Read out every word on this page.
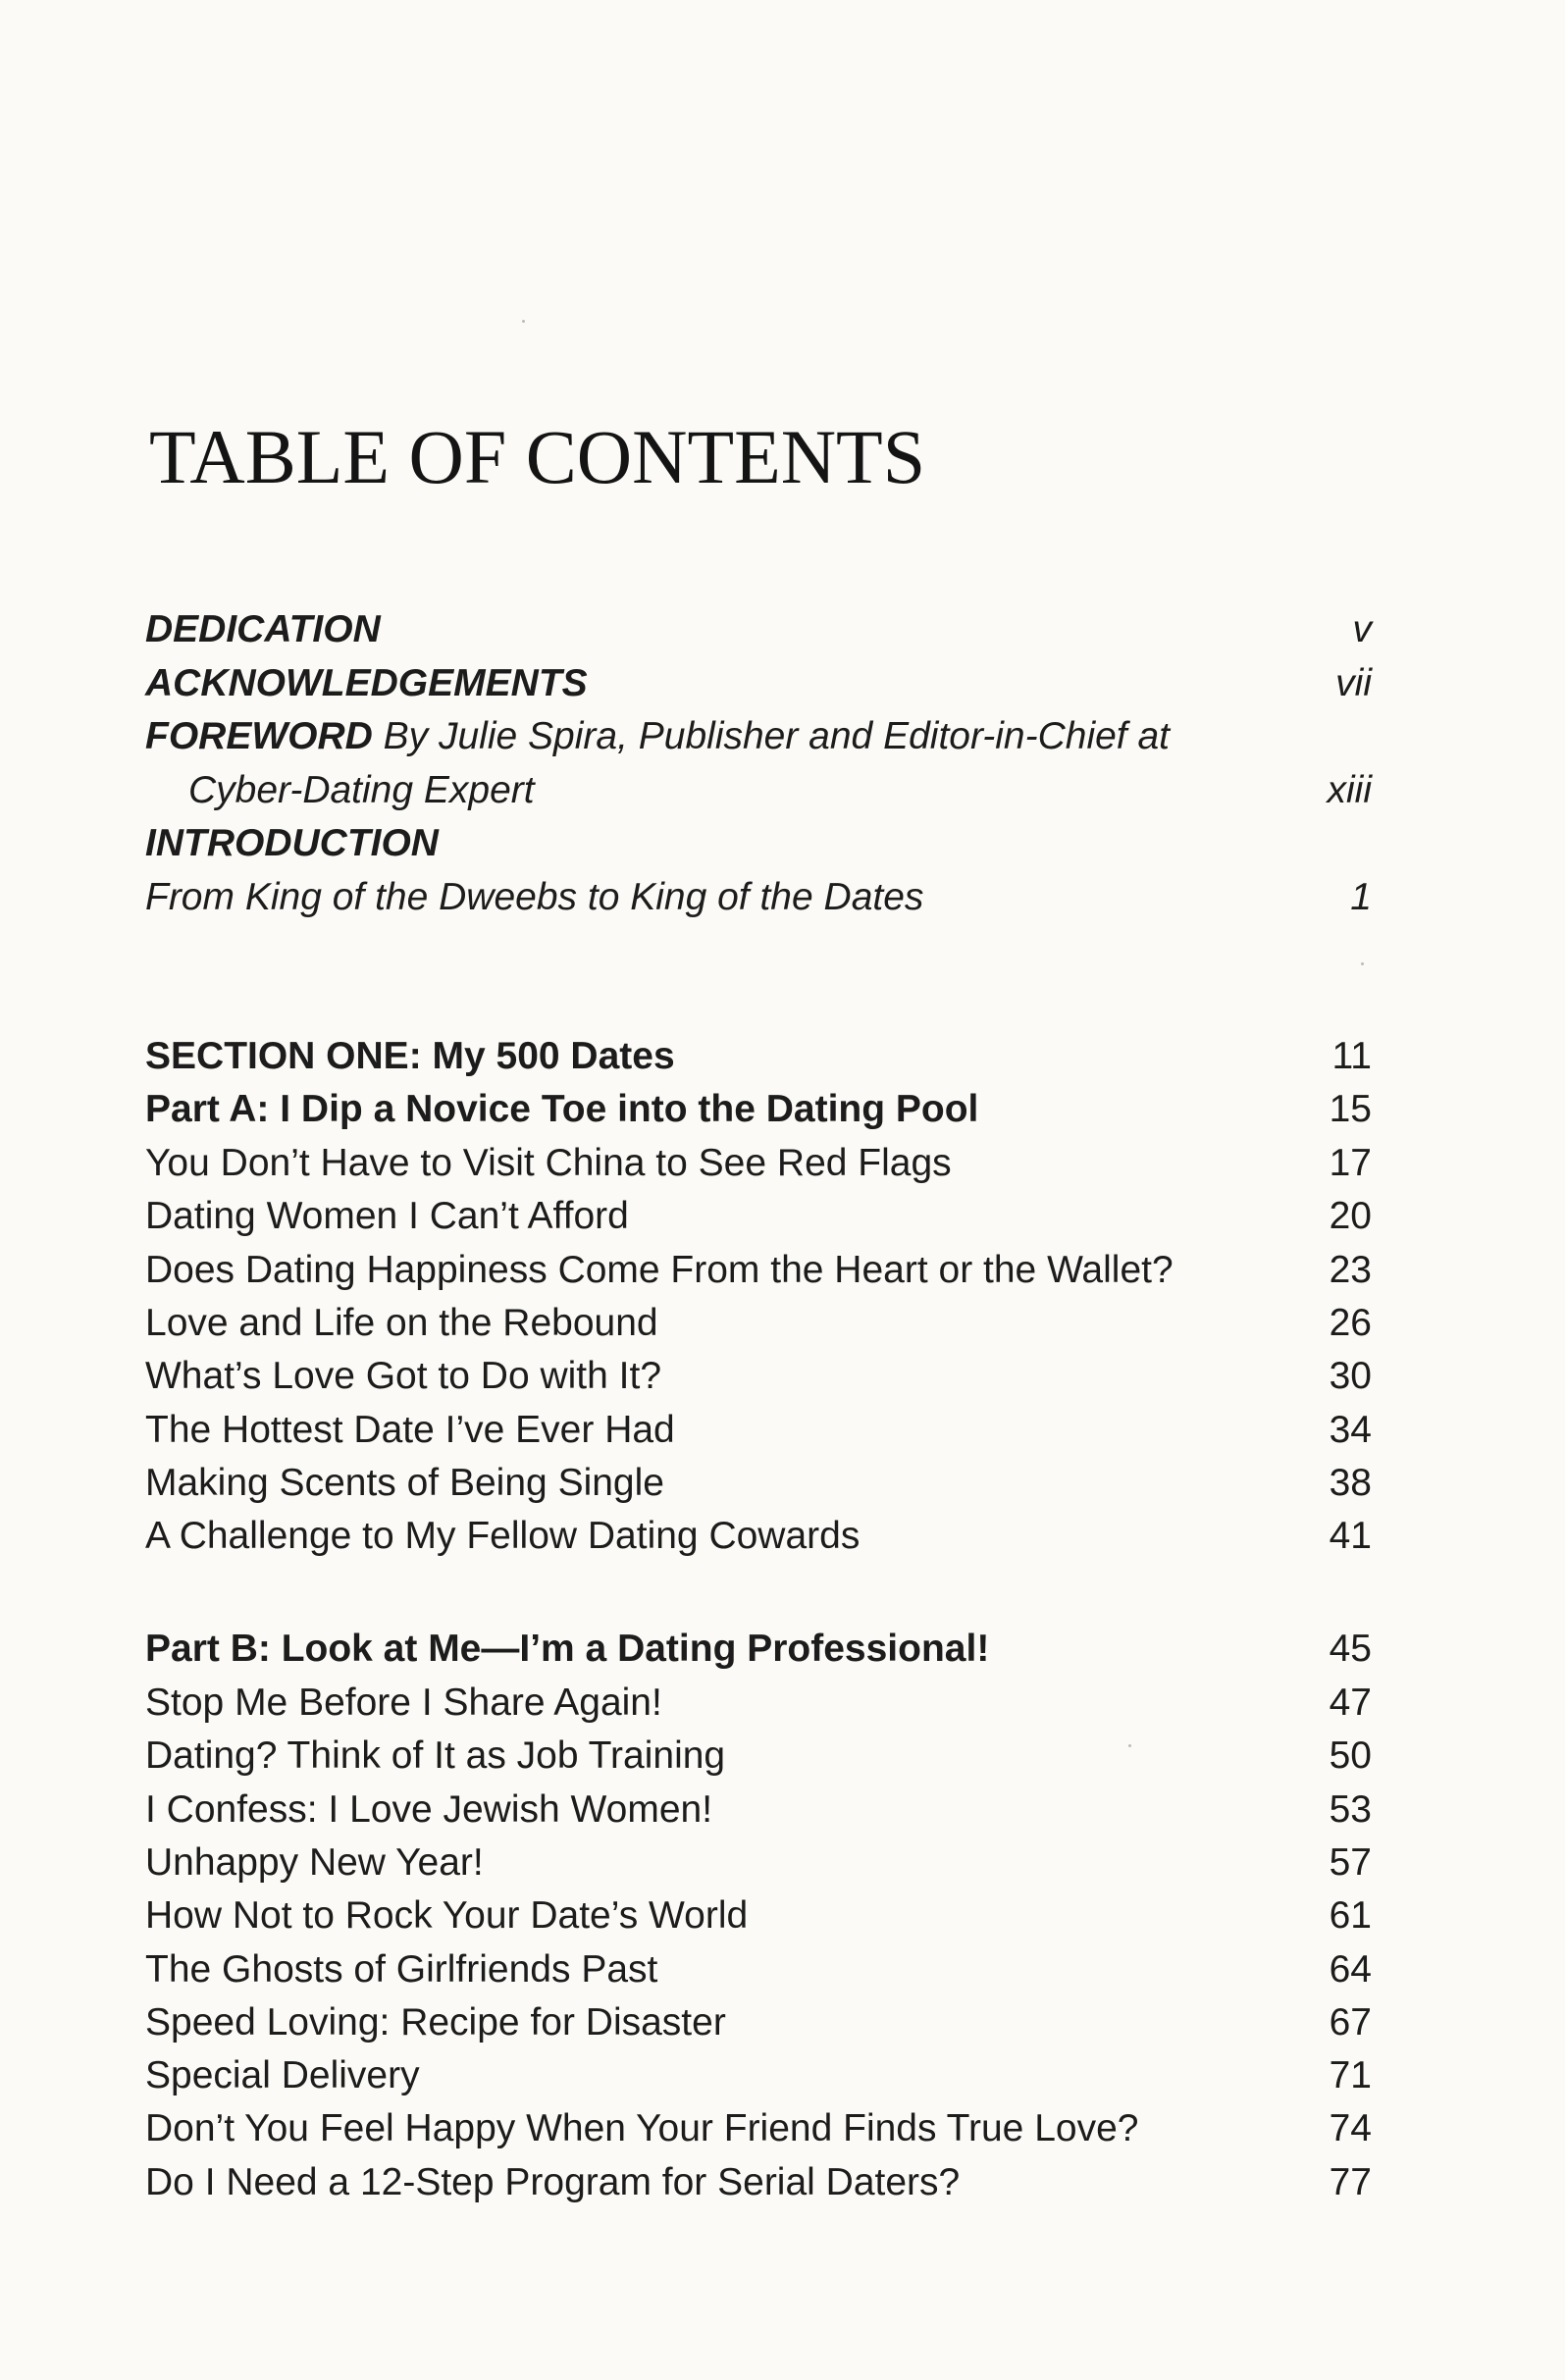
TABLE OF CONTENTS
DEDICATION	v
ACKNOWLEDGEMENTS	vii
FOREWORD By Julie Spira, Publisher and Editor-in-Chief at
Cyber-Dating Expert	xiii
INTRODUCTION
From King of the Dweebs to King of the Dates	1
SECTION ONE: My 500 Dates	11
Part A: I Dip a Novice Toe into the Dating Pool	15
You Don’t Have to Visit China to See Red Flags	17
Dating Women I Can’t Afford	20
Does Dating Happiness Come From the Heart or the Wallet?	23
Love and Life on the Rebound	26
What’s Love Got to Do with It?	30
The Hottest Date I’ve Ever Had	34
Making Scents of Being Single	38
A Challenge to My Fellow Dating Cowards	41
Part B: Look at Me—I’m a Dating Professional!	45
Stop Me Before I Share Again!	47
Dating? Think of It as Job Training	50
I Confess: I Love Jewish Women!	53
Unhappy New Year!	57
How Not to Rock Your Date’s World	61
The Ghosts of Girlfriends Past	64
Speed Loving: Recipe for Disaster	67
Special Delivery	71
Don’t You Feel Happy When Your Friend Finds True Love?	74
Do I Need a 12-Step Program for Serial Daters?	77
